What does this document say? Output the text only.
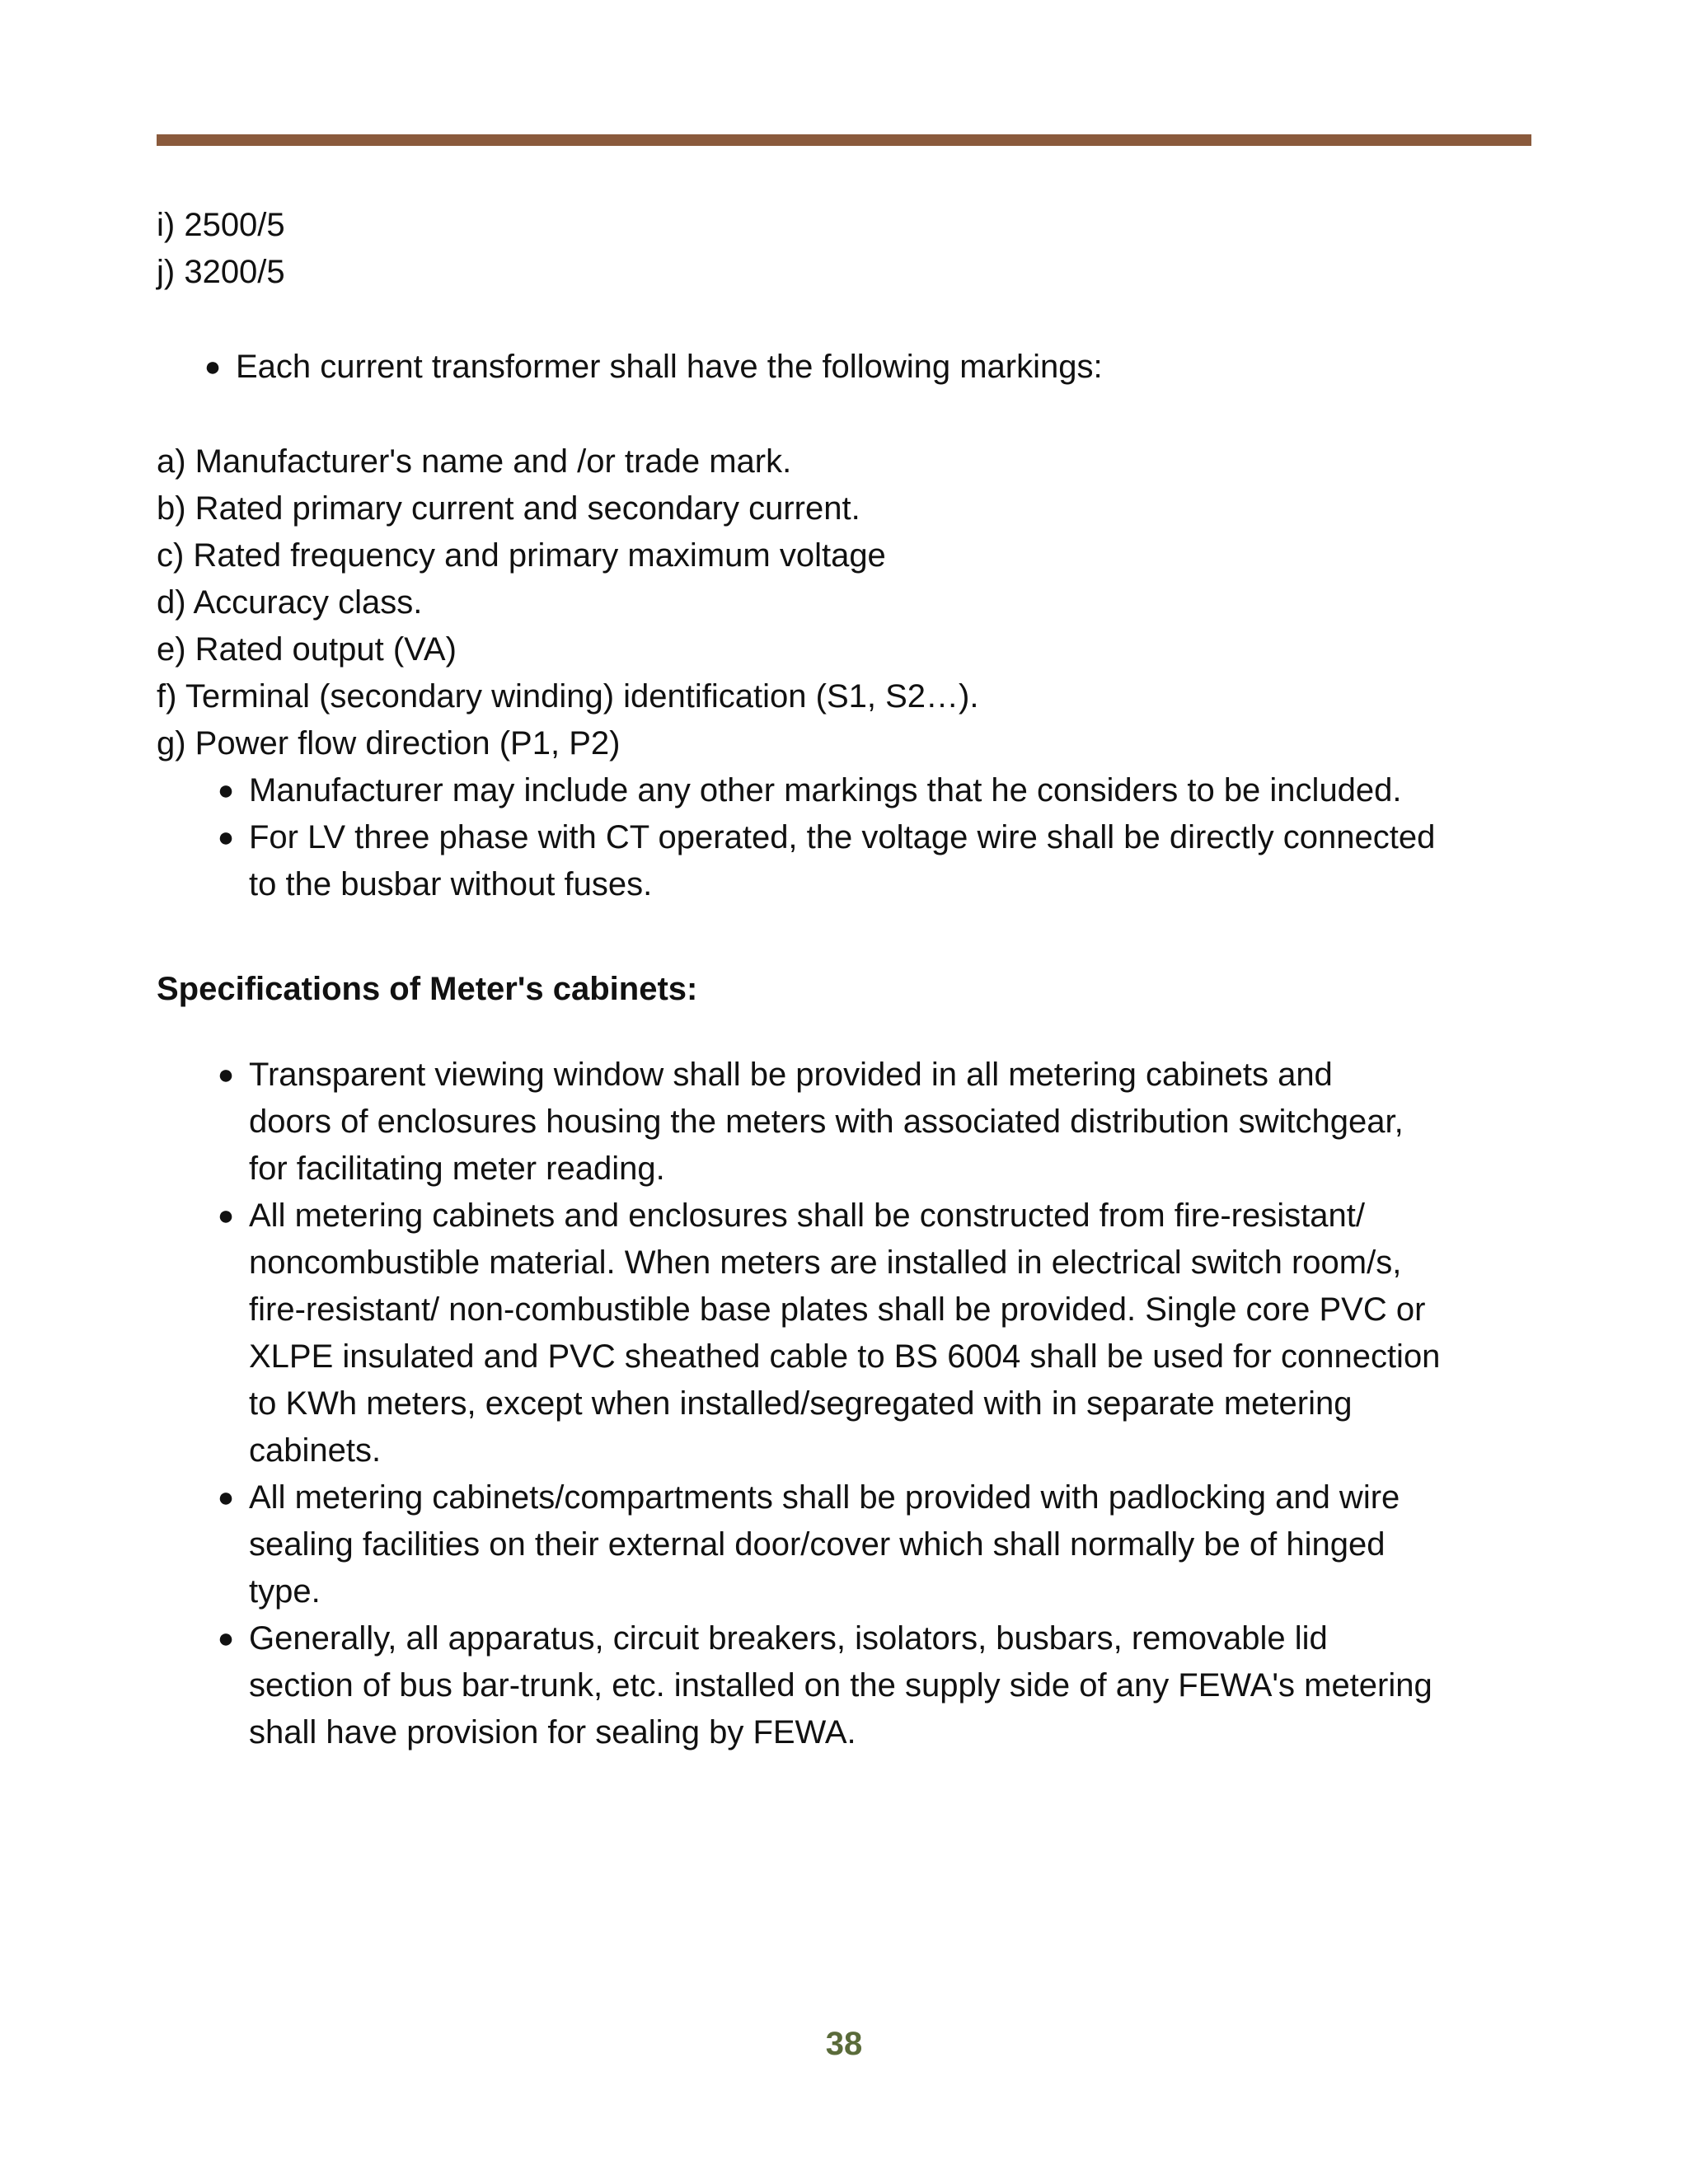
i) 2500/5
j) 3200/5
● Each current transformer shall have the following markings:
a) Manufacturer's name and /or trade mark.
b) Rated primary current and secondary current.
c) Rated frequency and primary maximum voltage
d) Accuracy class.
e) Rated output (VA)
f) Terminal (secondary winding) identification (S1, S2…).
g) Power flow direction (P1, P2)
● Manufacturer may include any other markings that he considers to be included.
● For LV three phase with CT operated, the voltage wire shall be directly connected
to the busbar without fuses.
Specifications of Meter's cabinets:
● Transparent viewing window shall be provided in all metering cabinets and
doors of enclosures housing the meters with associated distribution switchgear,
for facilitating meter reading.
● All metering cabinets and enclosures shall be constructed from fire-resistant/
noncombustible material. When meters are installed in electrical switch room/s,
fire-resistant/ non-combustible base plates shall be provided. Single core PVC or
XLPE insulated and PVC sheathed cable to BS 6004 shall be used for connection
to KWh meters, except when installed/segregated with in separate metering
cabinets.
● All metering cabinets/compartments shall be provided with padlocking and wire
sealing facilities on their external door/cover which shall normally be of hinged
type.
● Generally, all apparatus, circuit breakers, isolators, busbars, removable lid
section of bus bar-trunk, etc. installed on the supply side of any FEWA's metering
shall have provision for sealing by FEWA.
38
